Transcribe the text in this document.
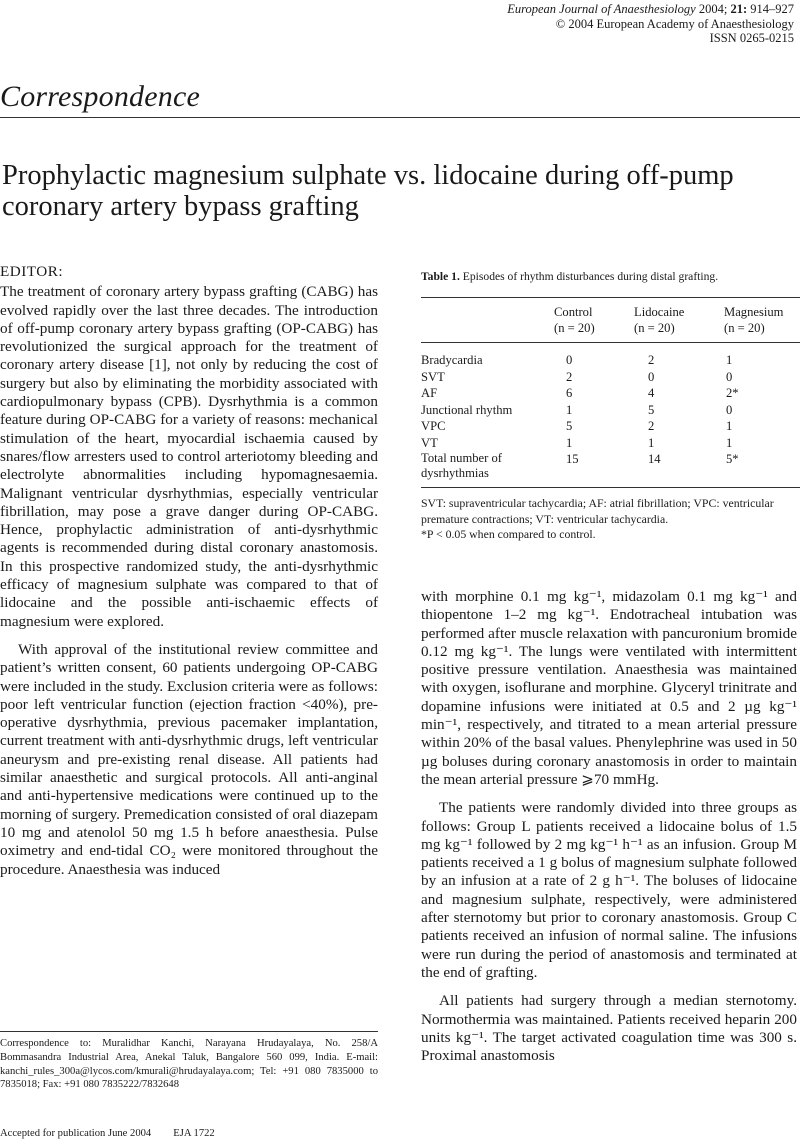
European Journal of Anaesthesiology 2004; 21: 914–927
© 2004 European Academy of Anaesthesiology
ISSN 0265-0215
Correspondence
Prophylactic magnesium sulphate vs. lidocaine during off-pump
coronary artery bypass grafting

EDITOR:

The treatment of coronary artery bypass grafting (CABG) has evolved rapidly over the last three decades. The introduction of off-pump coronary artery bypass grafting (OP-CABG) has revolutionized the surgical approach for the treatment of coronary artery disease [1], not only by reducing the cost of surgery but also by eliminating the morbidity associated with cardiopulmonary bypass (CPB). Dysrhythmia is a common feature during OP-CABG for a variety of reasons: mechanical stimulation of the heart, myocardial ischaemia caused by snares/flow arresters used to control arteriotomy bleeding and electrolyte abnormalities including hypomagnesaemia. Malignant ventricular dysrhythmias, especially ventricular fibrillation, may pose a grave danger during OP-CABG. Hence, prophylactic administration of anti-dysrhythmic agents is recommended during distal coronary anastomosis. In this prospective randomized study, the anti-dysrhythmic efficacy of magnesium sulphate was compared to that of lidocaine and the possible anti-ischaemic effects of magnesium were explored.

With approval of the institutional review committee and patient’s written consent, 60 patients undergoing OP-CABG were included in the study. Exclusion criteria were as follows: poor left ventricular function (ejection fraction <40%), pre-operative dysrhythmia, previous pacemaker implantation, current treatment with anti-dysrhythmic drugs, left ventricular aneurysm and pre-existing renal disease. All patients had similar anaesthetic and surgical protocols. All anti-anginal and anti-hypertensive medications were continued up to the morning of surgery. Premedication consisted of oral diazepam 10 mg and atenolol 50 mg 1.5 h before anaesthesia. Pulse oximetry and end-tidal CO₂ were monitored throughout the procedure. Anaesthesia was induced

Table 1. Episodes of rhythm disturbances during distal grafting.
	Control	Lidocaine	Magnesium
	(n = 20)	(n = 20)	(n = 20)
Bradycardia	0	2	1
SVT	2	0	0
AF	6	4	2*
Junctional rhythm	1	5	0
VPC	5	2	1
VT	1	1	1
Total number of dysrhythmias	15	14	5*
SVT: supraventricular tachycardia; AF: atrial fibrillation; VPC: ventricular premature contractions; VT: ventricular tachycardia.
*P < 0.05 when compared to control.

with morphine 0.1 mg kg⁻¹, midazolam 0.1 mg kg⁻¹ and thiopentone 1–2 mg kg⁻¹. Endotracheal intubation was performed after muscle relaxation with pancuronium bromide 0.12 mg kg⁻¹. The lungs were ventilated with intermittent positive pressure ventilation. Anaesthesia was maintained with oxygen, isoflurane and morphine. Glyceryl trinitrate and dopamine infusions were initiated at 0.5 and 2 µg kg⁻¹ min⁻¹, respectively, and titrated to a mean arterial pressure within 20% of the basal values. Phenylephrine was used in 50 µg boluses during coronary anastomosis in order to maintain the mean arterial pressure ⩾70 mmHg.

The patients were randomly divided into three groups as follows: Group L patients received a lidocaine bolus of 1.5 mg kg⁻¹ followed by 2 mg kg⁻¹ h⁻¹ as an infusion. Group M patients received a 1 g bolus of magnesium sulphate followed by an infusion at a rate of 2 g h⁻¹. The boluses of lidocaine and magnesium sulphate, respectively, were administered after sternotomy but prior to coronary anastomosis. Group C patients received an infusion of normal saline. The infusions were run during the period of anastomosis and terminated at the end of grafting.

All patients had surgery through a median sternotomy. Normothermia was maintained. Patients received heparin 200 units kg⁻¹. The target activated coagulation time was 300 s. Proximal anastomosis

Correspondence to: Muralidhar Kanchi, Narayana Hrudayalaya, No. 258/A Bommasandra Industrial Area, Anekal Taluk, Bangalore 560 099, India. E-mail: kanchi_rules_300a@lycos.com/kmurali@hrudayalaya.com; Tel: +91 080 7835000 to 7835018; Fax: +91 080 7835222/7832648
Accepted for publication June 2004 EJA 1722
